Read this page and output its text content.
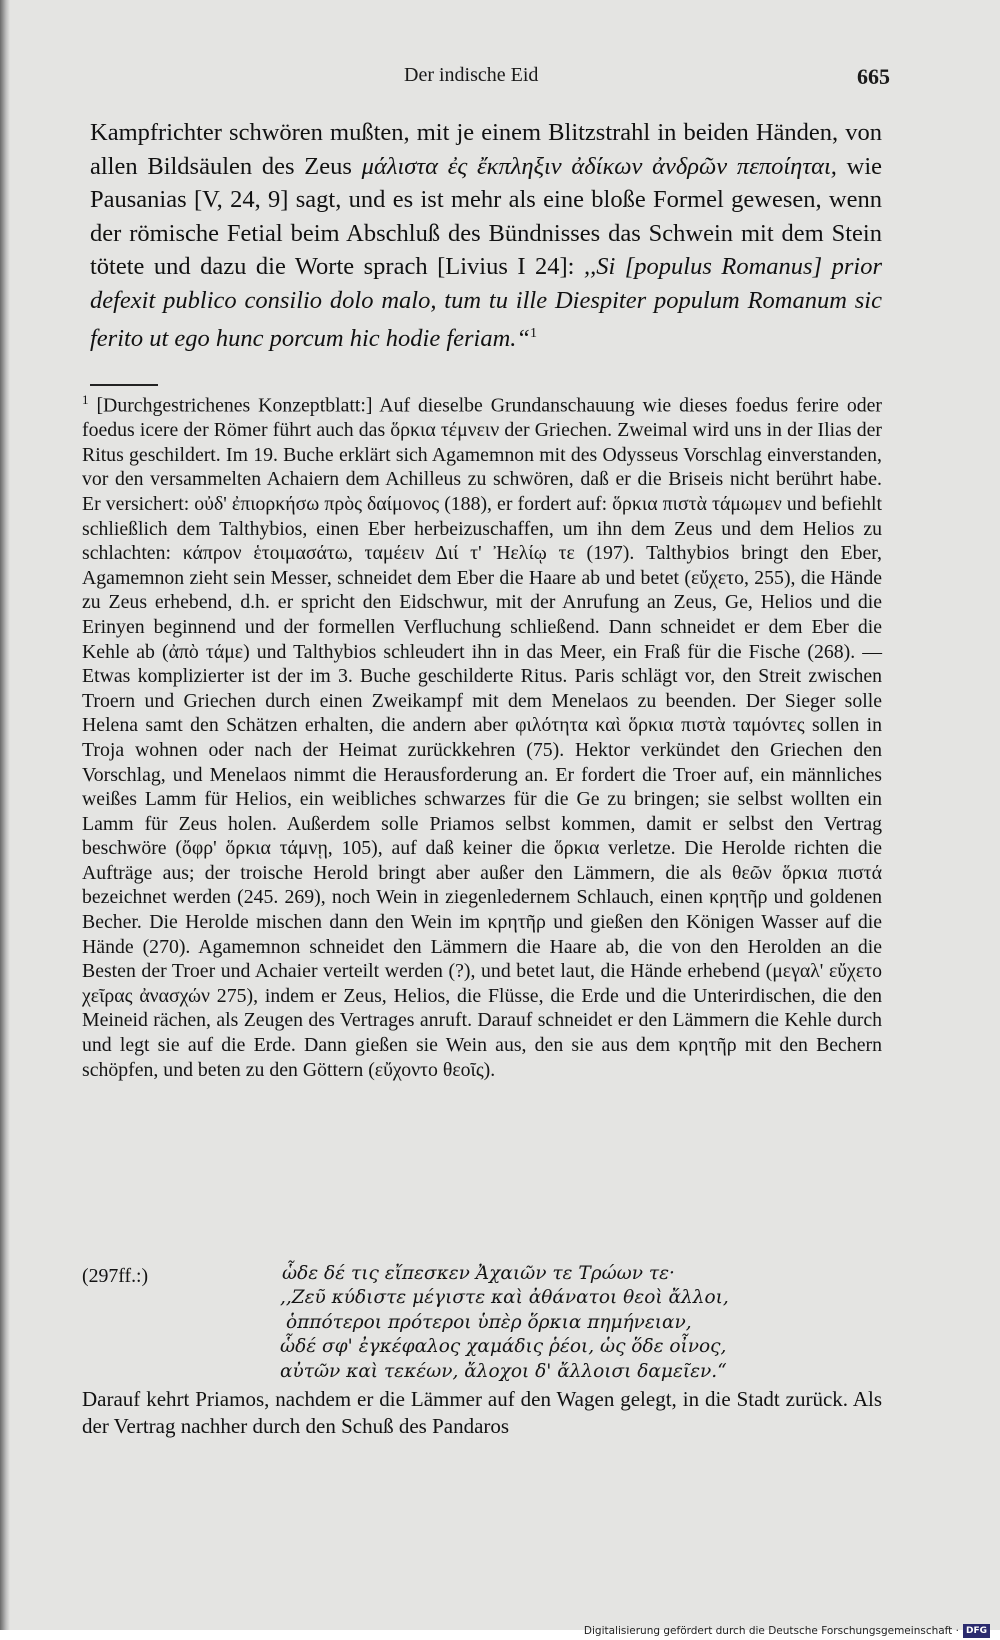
Der indische Eid	665

Kampfrichter schwören mußten, mit je einem Blitzstrahl in beiden Händen, von allen Bildsäulen des Zeus μάλιστα ἐς ἔκπληξιν ἀδίκων ἀνδρῶν πεποίηται, wie Pausanias [V, 24, 9] sagt, und es ist mehr als eine bloße Formel gewesen, wenn der römische Fetial beim Abschluß des Bündnisses das Schwein mit dem Stein tötete und dazu die Worte sprach [Livius I 24]: ,,Si [populus Romanus] prior defexit publico consilio dolo malo, tum tu ille Diespiter populum Romanum sic ferito ut ego hunc porcum hic hodie feriam.“$^1$

$^1$ [Durchgestrichenes Konzeptblatt:] Auf dieselbe Grundanschauung wie dieses foedus ferire oder foedus icere der Römer führt auch das ὅρκια τέμνειν der Griechen. Zweimal wird uns in der Ilias der Ritus geschildert. Im 19. Buche erklärt sich Agamemnon mit des Odysseus Vorschlag einverstanden, vor den versammelten Achaiern dem Achilleus zu schwören, daß er die Briseis nicht berührt habe. Er versichert: οὐδ' ἐπιορκήσω πρὸς δαίμονος (188), er fordert auf: ὅρκια πιστὰ τάμωμεν und befiehlt schließlich dem Talthybios, einen Eber herbeizuschaffen, um ihn dem Zeus und dem Helios zu schlachten: κάπρον ἑτοιμασάτω, ταμέειν Διί τ' Ἠελίῳ τε (197). Talthybios bringt den Eber, Agamemnon zieht sein Messer, schneidet dem Eber die Haare ab und betet (εὔχετο, 255), die Hände zu Zeus erhebend, d.h. er spricht den Eidschwur, mit der Anrufung an Zeus, Ge, Helios und die Erinyen beginnend und der formellen Verfluchung schließend. Dann schneidet er dem Eber die Kehle ab (ἀπὸ τάμε) und Talthybios schleudert ihn in das Meer, ein Fraß für die Fische (268). —Etwas komplizierter ist der im 3. Buche geschilderte Ritus. Paris schlägt vor, den Streit zwischen Troern und Griechen durch einen Zweikampf mit dem Menelaos zu beenden. Der Sieger solle Helena samt den Schätzen erhalten, die andern aber φιλότητα καὶ ὅρκια πιστὰ ταμόντες sollen in Troja wohnen oder nach der Heimat zurückkehren (75). Hektor verkündet den Griechen den Vorschlag, und Menelaos nimmt die Herausforderung an. Er fordert die Troer auf, ein männliches weißes Lamm für Helios, ein weibliches schwarzes für die Ge zu bringen; sie selbst wollten ein Lamm für Zeus holen. Außerdem solle Priamos selbst kommen, damit er selbst den Vertrag beschwöre (ὄφρ' ὅρκια τάμνῃ, 105), auf daß keiner die ὅρκια verletze. Die Herolde richten die Aufträge aus; der troische Herold bringt aber außer den Lämmern, die als θεῶν ὅρκια πιστά bezeichnet werden (245. 269), noch Wein in ziegenledernem Schlauch, einen κρητῆρ und goldenen Becher. Die Herolde mischen dann den Wein im κρητῆρ und gießen den Königen Wasser auf die Hände (270). Agamemnon schneidet den Lämmern die Haare ab, die von den Herolden an die Besten der Troer und Achaier verteilt werden (?), und betet laut, die Hände erhebend (μεγαλ' εὔχετο χεῖρας ἀνασχών 275), indem er Zeus, Helios, die Flüsse, die Erde und die Unterirdischen, die den Meineid rächen, als Zeugen des Vertrages anruft. Darauf schneidet er den Lämmern die Kehle durch und legt sie auf die Erde. Dann gießen sie Wein aus, den sie aus dem κρητῆρ mit den Bechern schöpfen, und beten zu den Göttern (εὔχοντο θεοῖς).

(297ff.:)	ὧδε δέ τις εἴπεσκεν Ἀχαιῶν τε Τρώων τε·
,,Ζεῦ κύδιστε μέγιστε καὶ ἀθάνατοι θεοὶ ἄλλοι,
ὁππότεροι πρότεροι ὑπὲρ ὅρκια πημήνειαν,
ὧδέ σφ' ἐγκέφαλος χαμάδις ῥέοι, ὡς ὅδε οἶνος,
αὐτῶν καὶ τεκέων, ἄλοχοι δ' ἄλλοισι δαμεῖεν.“

Darauf kehrt Priamos, nachdem er die Lämmer auf den Wagen gelegt, in die Stadt zurück. Als der Vertrag nachher durch den Schuß des Pandaros

Digitalisierung gefördert durch die Deutsche Forschungsgemeinschaft · DFG
